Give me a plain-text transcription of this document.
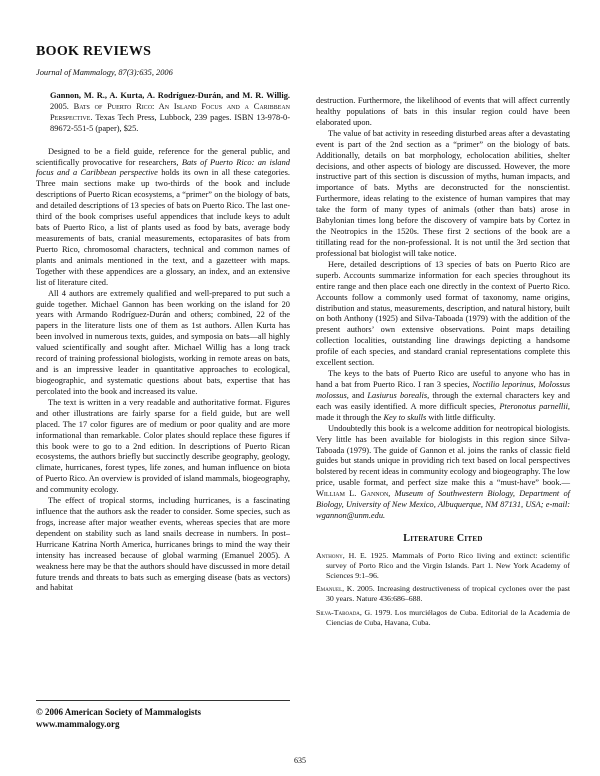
BOOK REVIEWS

Journal of Mammalogy, 87(3):635, 2006

Gannon, M. R., A. Kurta, A. Rodríguez-Durán, and M. R. Willig. 2005. Bats of Puerto Rico: An Island Focus and a Caribbean Perspective. Texas Tech Press, Lubbock, 239 pages. ISBN 13-978-0-89672-551-5 (paper), $25.

Designed to be a field guide, reference for the general public, and scientifically provocative for researchers, Bats of Puerto Rico: an island focus and a Caribbean perspective holds its own in all these categories. Three main sections make up two-thirds of the book and include descriptions of Puerto Rican ecosystems, a “primer” on the biology of bats, and detailed descriptions of 13 species of bats on Puerto Rico. The last one-third of the book comprises useful appendices that include keys to adult bats of Puerto Rico, a list of plants used as food by bats, average body measurements of bats, cranial measurements, ectoparasites of bats from Puerto Rico, chromosomal characters, technical and common names of plants and animals mentioned in the text, and a gazetteer with maps. Together with these appendices are a glossary, an index, and an extensive list of literature cited.

All 4 authors are extremely qualified and well-prepared to put such a guide together. Michael Gannon has been working on the island for 20 years with Armando Rodríguez-Durán and others; combined, 22 of the papers in the literature lists one of them as 1st authors. Allen Kurta has been involved in numerous texts, guides, and symposia on bats—all highly valued scientifically and sought after. Michael Willig has a long track record of training professional biologists, working in remote areas on bats, and is an impressive leader in quantitative approaches to ecological, biogeographic, and systematic questions about bats, expertise that has percolated into the book and increased its value.

The text is written in a very readable and authoritative format. Figures and other illustrations are fairly sparse for a field guide, but are well placed. The 17 color figures are of medium or poor quality and are more informational than remarkable. Color plates should replace these figures if this book were to go to a 2nd edition. In descriptions of Puerto Rican ecosystems, the authors briefly but succinctly describe geography, geology, climate, hurricanes, forest types, life zones, and human influence on biota of Puerto Rico. An overview is provided of island mammals, biogeography, and community ecology.

The effect of tropical storms, including hurricanes, is a fascinating influence that the authors ask the reader to consider. Some species, such as frogs, increase after major weather events, whereas species that are more dependent on stability such as land snails decrease in numbers. In post–Hurricane Katrina North America, hurricanes brings to mind the way their intensity has increased because of global warming (Emanuel 2005). A weakness here may be that the authors should have discussed in more detail future trends and threats to bats such as emerging disease (bats as vectors) and habitat

destruction. Furthermore, the likelihood of events that will affect currently healthy populations of bats in this insular region could have been elaborated upon.

The value of bat activity in reseeding disturbed areas after a devastating event is part of the 2nd section as a “primer” on the biology of bats. Additionally, details on bat morphology, echolocation abilities, shelter decisions, and other aspects of biology are discussed. However, the more instructive part of this section is discussion of myths, human impacts, and importance of bats. Myths are deconstructed for the nonscientist. Furthermore, ideas relating to the existence of human vampires that may take the form of many types of animals (other than bats) arose in Babylonian times long before the discovery of vampire bats by Cortez in the Neotropics in the 1520s. These first 2 sections of the book are a titillating read for the non-professional. It is not until the 3rd section that professional bat biologist will take notice.

Here, detailed descriptions of 13 species of bats on Puerto Rico are superb. Accounts summarize information for each species throughout its entire range and then place each one directly in the context of Puerto Rico. Accounts follow a commonly used format of taxonomy, name origins, distribution and status, measurements, description, and natural history, built on both Anthony (1925) and Silva-Taboada (1979) with the addition of the present authors’ own extensive observations. Point maps detailing collection localities, outstanding line drawings depicting a handsome profile of each species, and standard cranial representations complete this excellent section.

The keys to the bats of Puerto Rico are useful to anyone who has in hand a bat from Puerto Rico. I ran 3 species, Noctilio leporinus, Molossus molossus, and Lasiurus borealis, through the external characters key and each was easily identified. A more difficult species, Pteronotus parnellii, made it through the Key to skulls with little difficulty.

Undoubtedly this book is a welcome addition for neotropical biologists. Very little has been available for biologists in this region since Silva-Taboada (1979). The guide of Gannon et al. joins the ranks of classic field guides but stands unique in providing rich text based on local perspectives bolstered by recent ideas in community ecology and biogeography. The low price, usable format, and perfect size make this a “must-have” book.—William L. Gannon, Museum of Southwestern Biology, Department of Biology, University of New Mexico, Albuquerque, NM 87131, USA; e-mail: wgannon@unm.edu.

Literature Cited

Anthony, H. E. 1925. Mammals of Porto Rico living and extinct: scientific survey of Porto Rico and the Virgin Islands. Part 1. New York Academy of Sciences 9:1–96.

Emanuel, K. 2005. Increasing destructiveness of tropical cyclones over the past 30 years. Nature 436:686–688.

Silva-Taboada, G. 1979. Los murciélagos de Cuba. Editorial de la Academia de Ciencias de Cuba, Havana, Cuba.

© 2006 American Society of Mammalogists
www.mammalogy.org
635
